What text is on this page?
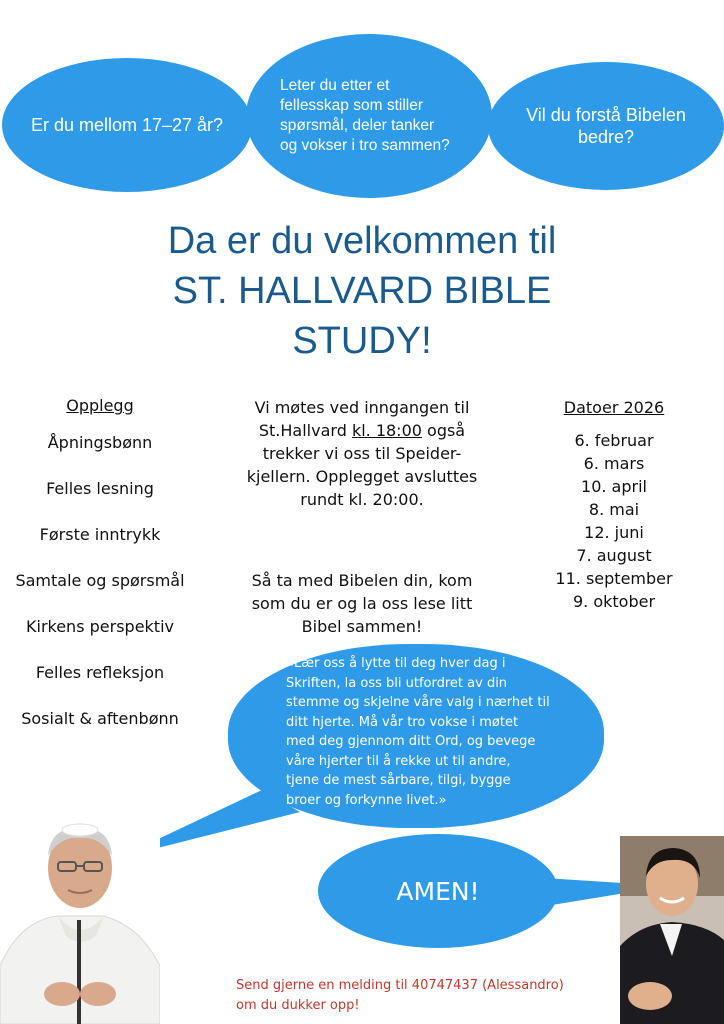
Er du mellom 17–27 år?
Leter du etter et
fellesskap som stiller
spørsmål, deler tanker
og vokser i tro sammen?
Vil du forstå Bibelen
bedre?
Da er du velkommen til
ST. HALLVARD BIBLE
STUDY!
Opplegg
Åpningsbønn
Felles lesning
Første inntrykk
Samtale og spørsmål
Kirkens perspektiv
Felles refleksjon
Sosialt & aftenbønn
Vi møtes ved inngangen til
St.Hallvard kl. 18:00 også
trekker vi oss til Speider-
kjellern. Opplegget avsluttes
rundt kl. 20:00.
Så ta med Bibelen din, kom
som du er og la oss lese litt
Bibel sammen!
Datoer 2026
6. februar
6. mars
10. april
8. mai
12. juni
7. august
11. september
9. oktober
«Lær oss å lytte til deg hver dag i
Skriften, la oss bli utfordret av din
stemme og skjelne våre valg i nærhet til
ditt hjerte. Må vår tro vokse i møtet
med deg gjennom ditt Ord, og bevege
våre hjerter til å rekke ut til andre,
tjene de mest sårbare, tilgi, bygge
broer og forkynne livet.»
AMEN!
Send gjerne en melding til 40747437 (Alessandro)
om du dukker opp!
